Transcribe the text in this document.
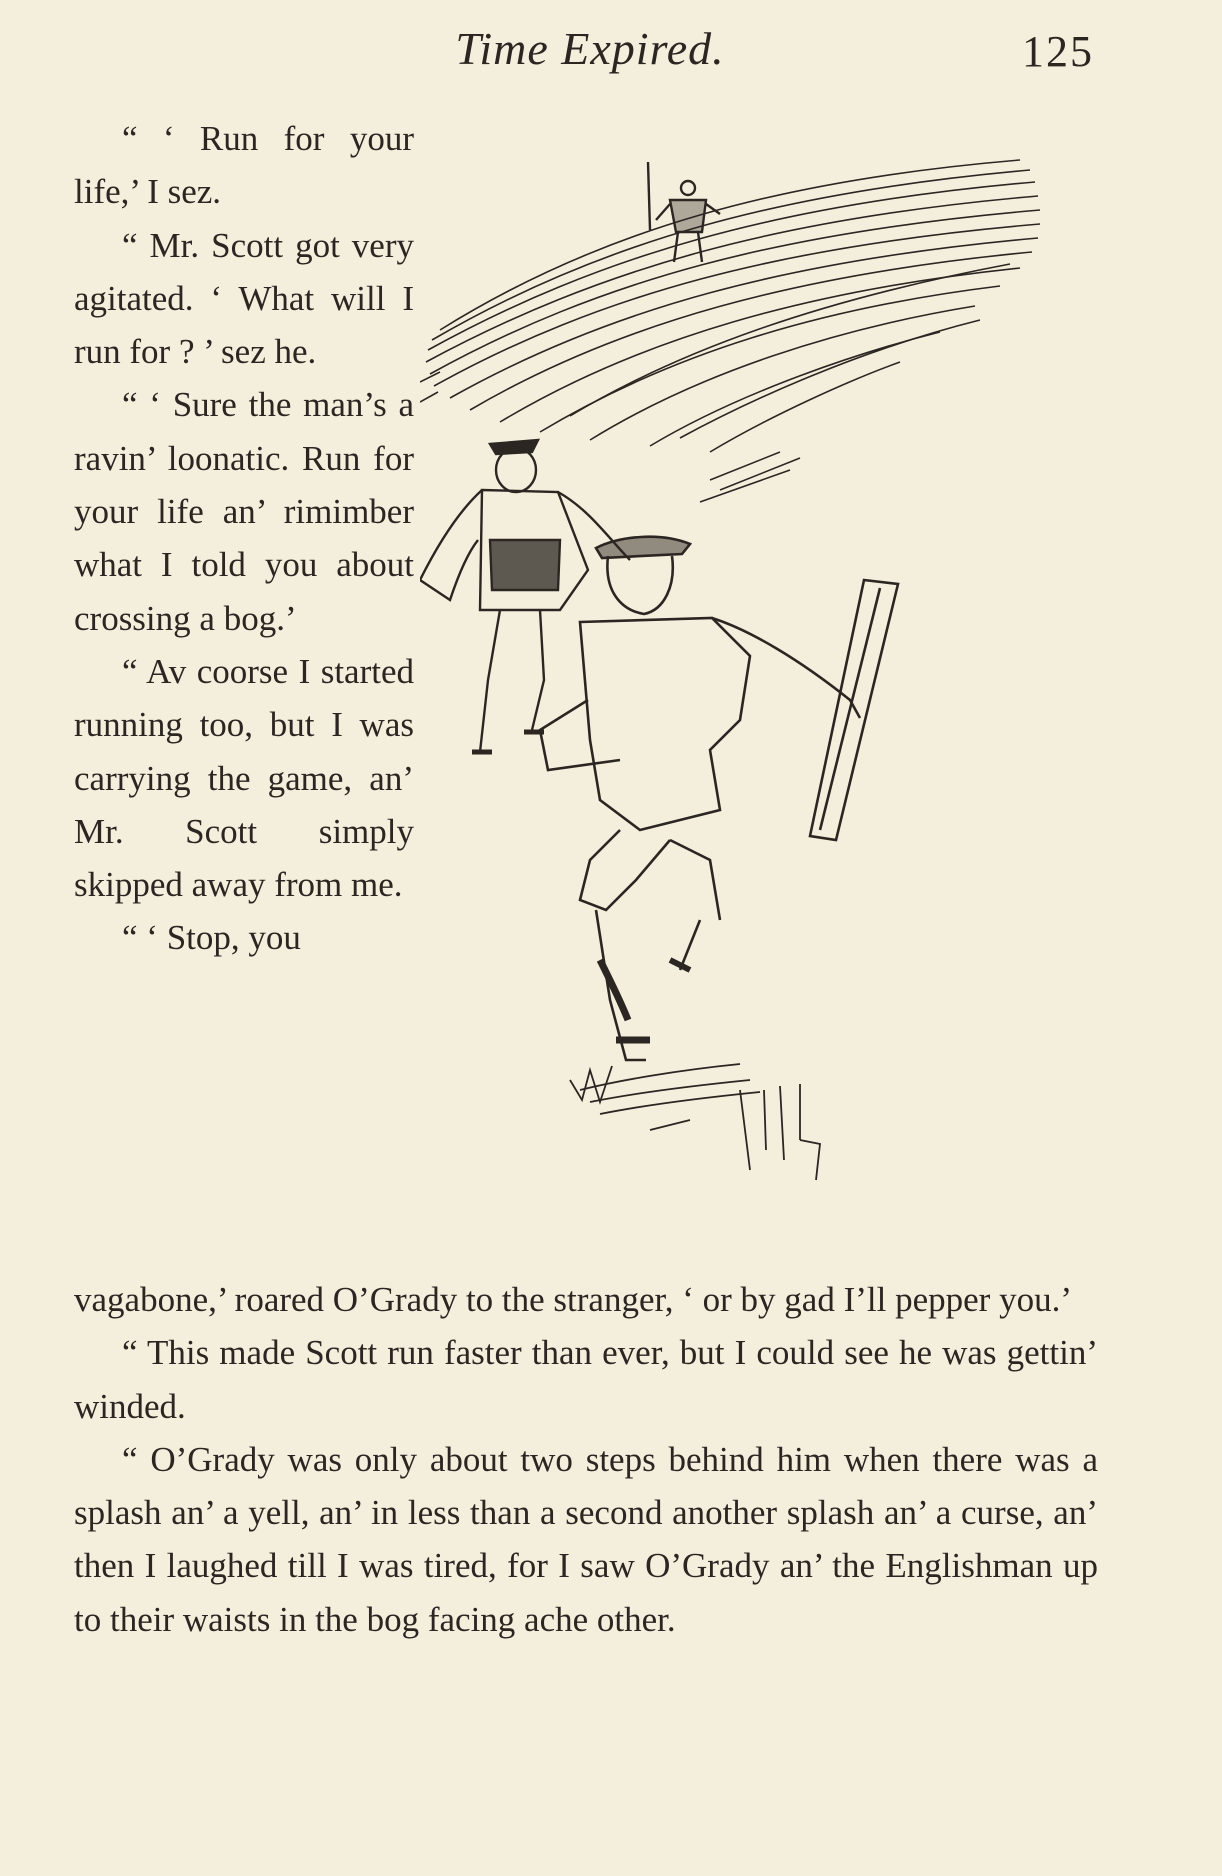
Time Expired.	125

“ ‘ Run for your life,’ I sez.

“ Mr. Scott got very agitated. ‘ What will I run for ? ’ sez he.

“ ‘ Sure the man’s a ravin’ loonatic. Run for your life an’ rimimber what I told you about crossing a bog.’

“ Av coorse I started running too, but I was carrying the game, an’ Mr. Scott simply skipped away from me.

“ ‘ Stop, you

vagabone,’ roared O’Grady to the stranger, ‘ or by gad I’ll pepper you.’

“ This made Scott run faster than ever, but I could see he was gettin’ winded.

“ O’Grady was only about two steps behind him when there was a splash an’ a yell, an’ in less than a second another splash an’ a curse, an’ then I laughed till I was tired, for I saw O’Grady an’ the Englishman up to their waists in the bog facing ache other.
